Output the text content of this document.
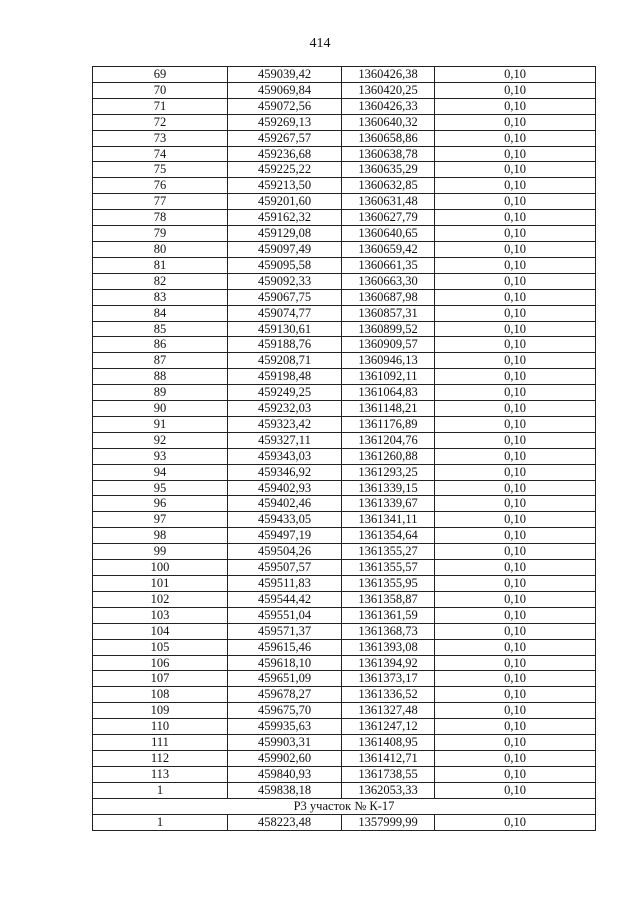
414
69	459039,42	1360426,38	0,10
70	459069,84	1360420,25	0,10
71	459072,56	1360426,33	0,10
72	459269,13	1360640,32	0,10
73	459267,57	1360658,86	0,10
74	459236,68	1360638,78	0,10
75	459225,22	1360635,29	0,10
76	459213,50	1360632,85	0,10
77	459201,60	1360631,48	0,10
78	459162,32	1360627,79	0,10
79	459129,08	1360640,65	0,10
80	459097,49	1360659,42	0,10
81	459095,58	1360661,35	0,10
82	459092,33	1360663,30	0,10
83	459067,75	1360687,98	0,10
84	459074,77	1360857,31	0,10
85	459130,61	1360899,52	0,10
86	459188,76	1360909,57	0,10
87	459208,71	1360946,13	0,10
88	459198,48	1361092,11	0,10
89	459249,25	1361064,83	0,10
90	459232,03	1361148,21	0,10
91	459323,42	1361176,89	0,10
92	459327,11	1361204,76	0,10
93	459343,03	1361260,88	0,10
94	459346,92	1361293,25	0,10
95	459402,93	1361339,15	0,10
96	459402,46	1361339,67	0,10
97	459433,05	1361341,11	0,10
98	459497,19	1361354,64	0,10
99	459504,26	1361355,27	0,10
100	459507,57	1361355,57	0,10
101	459511,83	1361355,95	0,10
102	459544,42	1361358,87	0,10
103	459551,04	1361361,59	0,10
104	459571,37	1361368,73	0,10
105	459615,46	1361393,08	0,10
106	459618,10	1361394,92	0,10
107	459651,09	1361373,17	0,10
108	459678,27	1361336,52	0,10
109	459675,70	1361327,48	0,10
110	459935,63	1361247,12	0,10
111	459903,31	1361408,95	0,10
112	459902,60	1361412,71	0,10
113	459840,93	1361738,55	0,10
1	459838,18	1362053,33	0,10
Р3 участок № К-17			
1	458223,48	1357999,99	0,10
